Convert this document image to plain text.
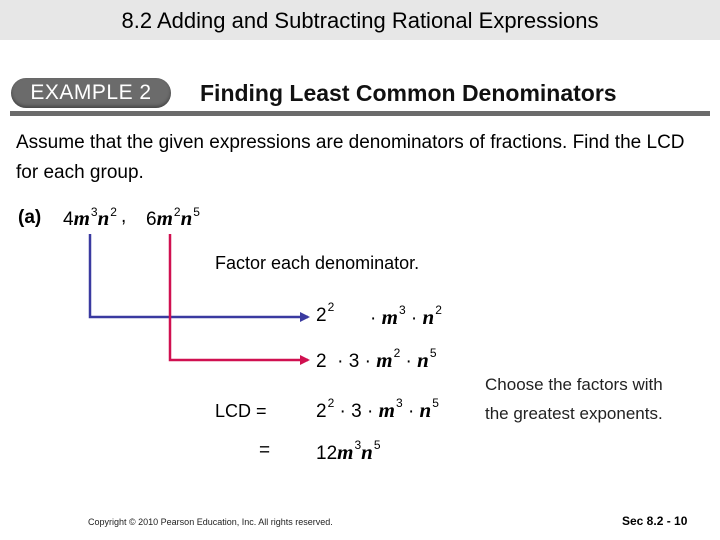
8.2 Adding and Subtracting Rational Expressions
EXAMPLE 2	Finding Least Common Denominators
Assume that the given expressions are denominators of fractions. Find the LCD for each group.
(a) $4m^3n^2$ , $6m^2n^5$
Factor each denominator.
$2^2$
· $m^3 \cdot n^2$
$2 \cdot 3 \cdot m^2 \cdot n^5$
LCD =	$2^2 \cdot 3 \cdot m^3 \cdot n^5$
= $12m^3n^5$
Choose the factors with
the greatest exponents.
Copyright © 2010 Pearson Education, Inc. All rights reserved.	Sec 8.2 - 10
